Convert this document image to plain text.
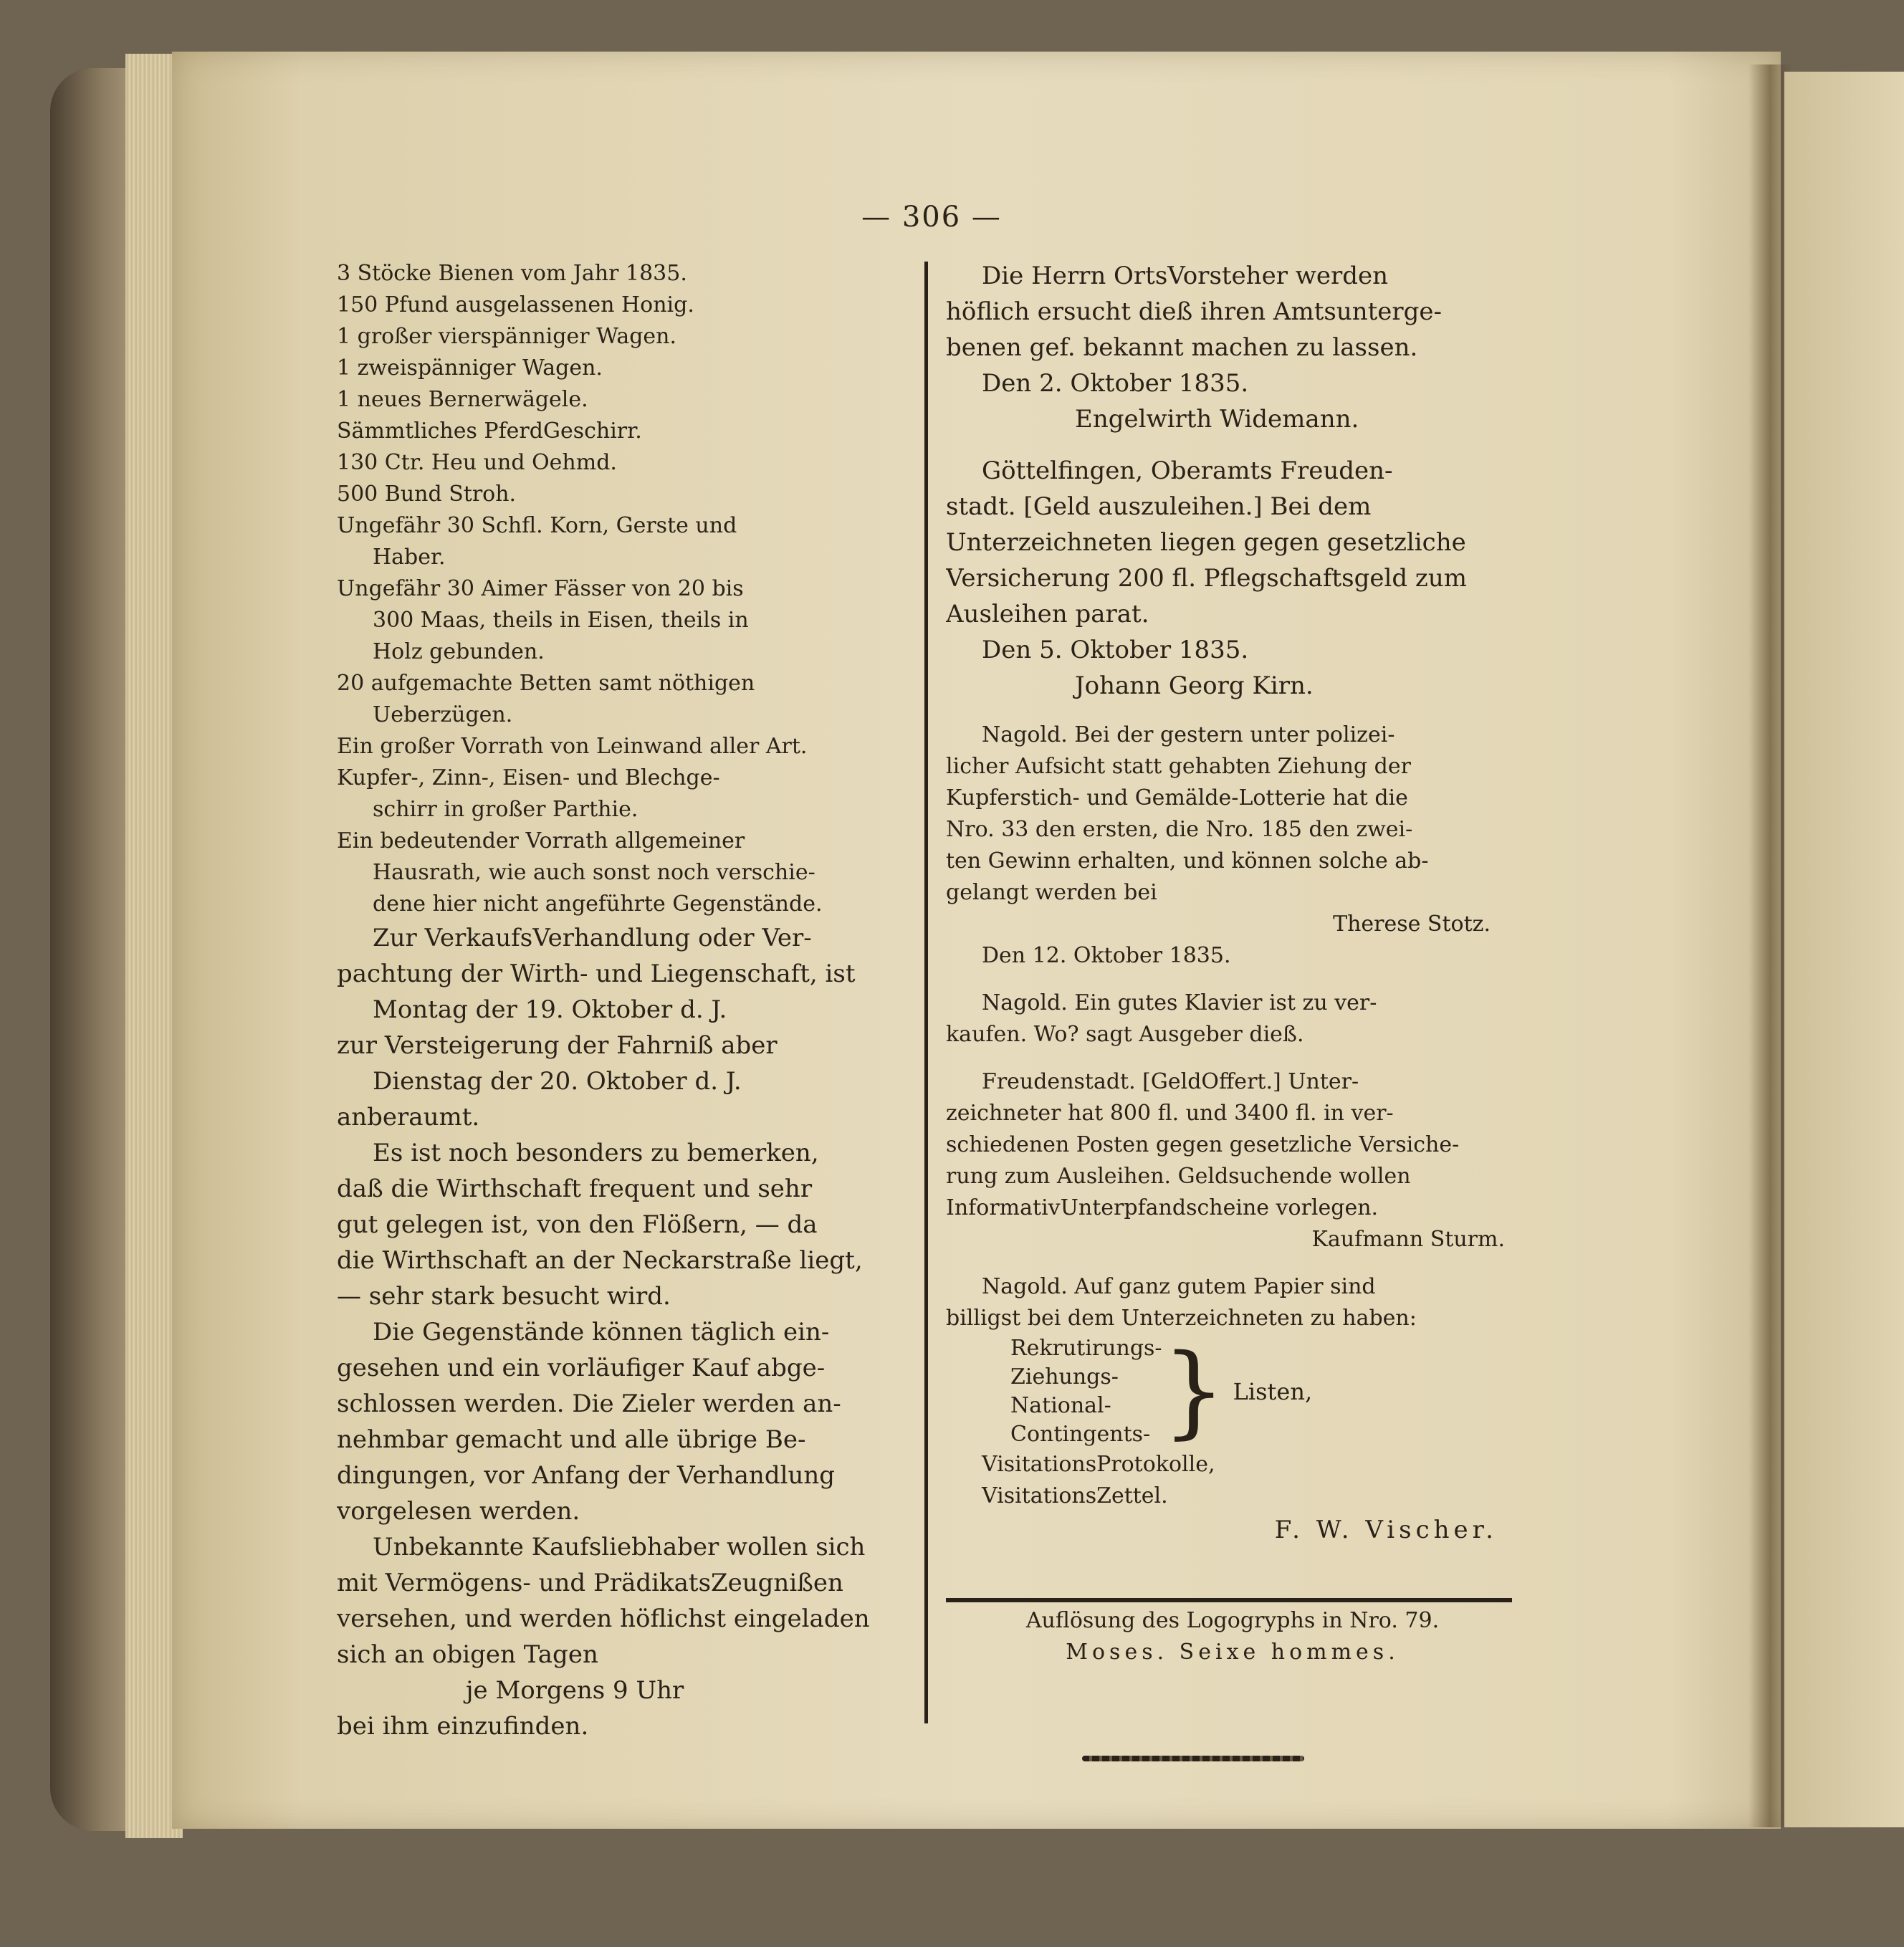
— 306 —
3 Stöcke Bienen vom Jahr 1835.
150 Pfund ausgelassenen Honig.
1 großer vierspänniger Wagen.
1 zweispänniger Wagen.
1 neues Bernerwägele.
Sämmtliches PferdGeschirr.
130 Ctr. Heu und Oehmd.
500 Bund Stroh.
Ungefähr 30 Schfl. Korn, Gerste und
Haber.
Ungefähr 30 Aimer Fässer von 20 bis
300 Maas, theils in Eisen, theils in
Holz gebunden.
20 aufgemachte Betten samt nöthigen
Ueberzügen.
Ein großer Vorrath von Leinwand aller Art.
Kupfer-, Zinn-, Eisen- und Blechge-
schirr in großer Parthie.
Ein bedeutender Vorrath allgemeiner
Hausrath, wie auch sonst noch verschie-
dene hier nicht angeführte Gegenstände.
Zur VerkaufsVerhandlung oder Ver-
pachtung der Wirth- und Liegenschaft, ist
Montag der 19. Oktober d. J.
zur Versteigerung der Fahrniß aber
Dienstag der 20. Oktober d. J.
anberaumt.
Es ist noch besonders zu bemerken,
daß die Wirthschaft frequent und sehr
gut gelegen ist, von den Flößern, — da
die Wirthschaft an der Neckarstraße liegt,
— sehr stark besucht wird.
Die Gegenstände können täglich ein-
gesehen und ein vorläufiger Kauf abge-
schlossen werden. Die Zieler werden an-
nehmbar gemacht und alle übrige Be-
dingungen, vor Anfang der Verhandlung
vorgelesen werden.
Unbekannte Kaufsliebhaber wollen sich
mit Vermögens- und PrädikatsZeugnißen
versehen, und werden höflichst eingeladen
sich an obigen Tagen
je Morgens 9 Uhr
bei ihm einzufinden.
Die Herrn OrtsVorsteher werden
höflich ersucht dieß ihren Amtsunterge-
benen gef. bekannt machen zu lassen.
Den 2. Oktober 1835.
Engelwirth Widemann.
Göttelfingen, Oberamts Freuden-
stadt. [Geld auszuleihen.] Bei dem
Unterzeichneten liegen gegen gesetzliche
Versicherung 200 fl. Pflegschaftsgeld zum
Ausleihen parat.
Den 5. Oktober 1835.
Johann Georg Kirn.
Nagold. Bei der gestern unter polizei-
licher Aufsicht statt gehabten Ziehung der
Kupferstich- und Gemälde-Lotterie hat die
Nro. 33 den ersten, die Nro. 185 den zwei-
ten Gewinn erhalten, und können solche ab-
gelangt werden bei
Therese Stotz.
Den 12. Oktober 1835.
Nagold. Ein gutes Klavier ist zu ver-
kaufen. Wo? sagt Ausgeber dieß.
Freudenstadt. [GeldOffert.] Unter-
zeichneter hat 800 fl. und 3400 fl. in ver-
schiedenen Posten gegen gesetzliche Versiche-
rung zum Ausleihen. Geldsuchende wollen
InformativUnterpfandscheine vorlegen.
Kaufmann Sturm.
Nagold. Auf ganz gutem Papier sind
billigst bei dem Unterzeichneten zu haben:
Rekrutirungs-
Ziehungs-
National-
Contingents- } Listen,
VisitationsProtokolle,
VisitationsZettel.
F. W. Vischer.
Auflösung des Logogryphs in Nro. 79.
Moses. Seixe hommes.
